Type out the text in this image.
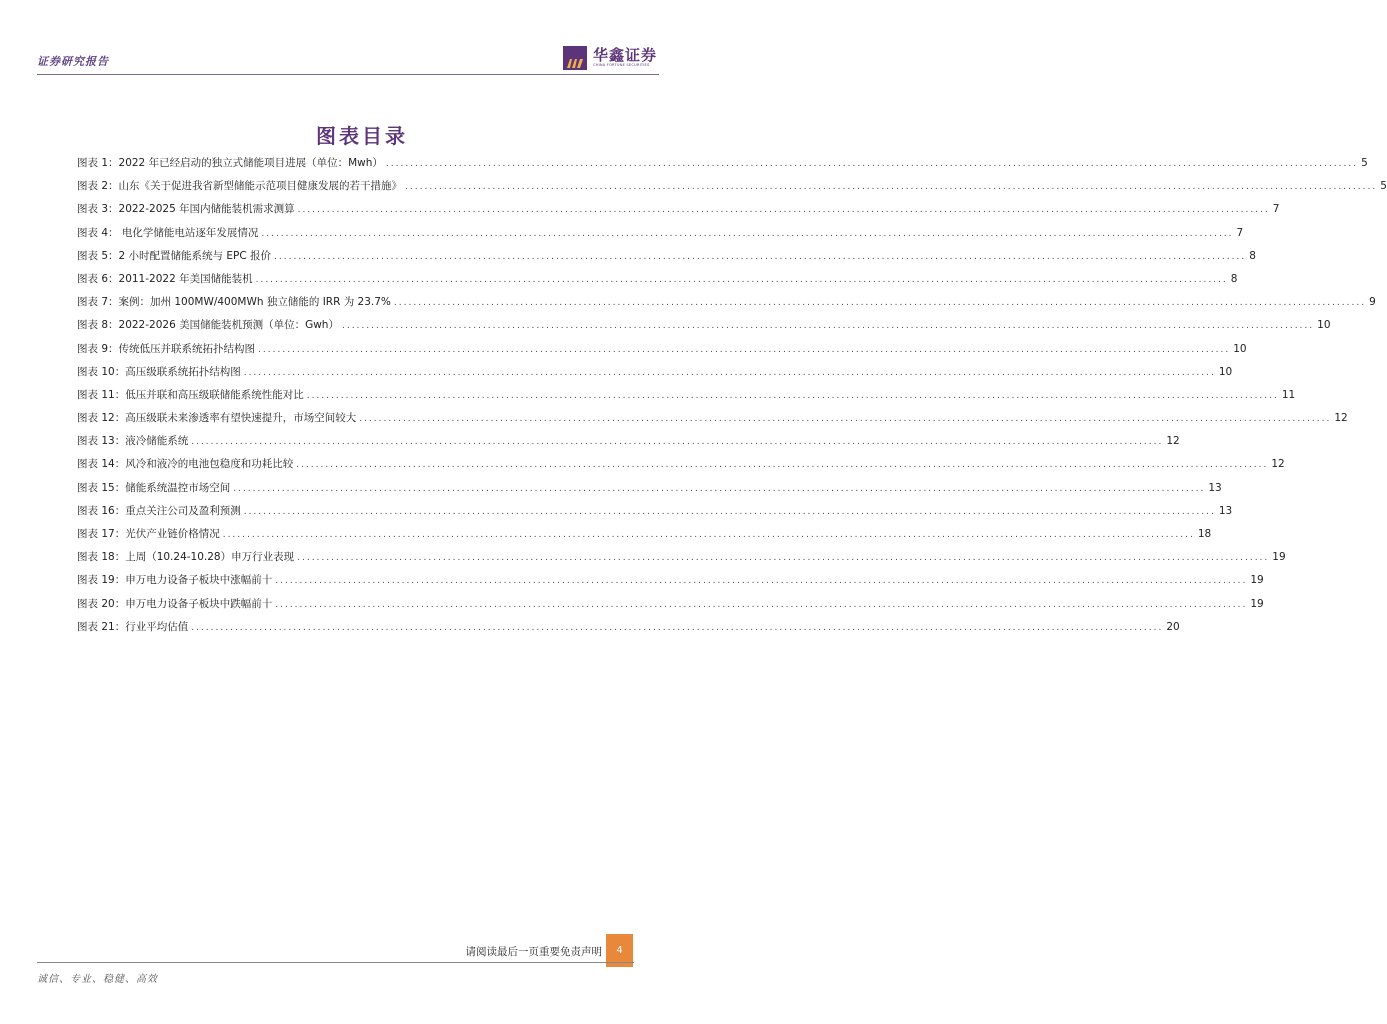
证券研究报告	华鑫证券
CHINA FORTUNE SECURITIES
图表目录
图表 1：2022 年已经启动的独立式储能项目进展（单位：Mwh） ........................................................................................................................................................................................................ 5
图表 2：山东《关于促进我省新型储能示范项目健康发展的若干措施》 ........................................................................................................................................................................................................ 5
图表 3：2022-2025 年国内储能装机需求测算 ........................................................................................................................................................................................................ 7
图表 4： 电化学储能电站逐年发展情况 ........................................................................................................................................................................................................ 7
图表 5：2 小时配置储能系统与 EPC 报价 ........................................................................................................................................................................................................ 8
图表 6：2011-2022 年美国储能装机 ........................................................................................................................................................................................................ 8
图表 7：案例：加州 100MW/400MWh 独立储能的 IRR 为 23.7% ........................................................................................................................................................................................................ 9
图表 8：2022-2026 美国储能装机预测（单位：Gwh） ........................................................................................................................................................................................................ 10
图表 9：传统低压并联系统拓扑结构图 ........................................................................................................................................................................................................ 10
图表 10：高压级联系统拓扑结构图 ........................................................................................................................................................................................................ 10
图表 11：低压并联和高压级联储能系统性能对比 ........................................................................................................................................................................................................ 11
图表 12：高压级联未来渗透率有望快速提升，市场空间较大 ........................................................................................................................................................................................................ 12
图表 13：液冷储能系统 ........................................................................................................................................................................................................ 12
图表 14：风冷和液冷的电池包稳度和功耗比较 ........................................................................................................................................................................................................ 12
图表 15：储能系统温控市场空间 ........................................................................................................................................................................................................ 13
图表 16：重点关注公司及盈利预测 ........................................................................................................................................................................................................ 13
图表 17：光伏产业链价格情况 ........................................................................................................................................................................................................ 18
图表 18：上周（10.24-10.28）申万行业表现 ........................................................................................................................................................................................................ 19
图表 19：申万电力设备子板块中涨幅前十 ........................................................................................................................................................................................................ 19
图表 20：申万电力设备子板块中跌幅前十 ........................................................................................................................................................................................................ 19
图表 21：行业平均估值 ........................................................................................................................................................................................................ 20
4
请阅读最后一页重要免责声明
诚信、专业、稳健、高效
